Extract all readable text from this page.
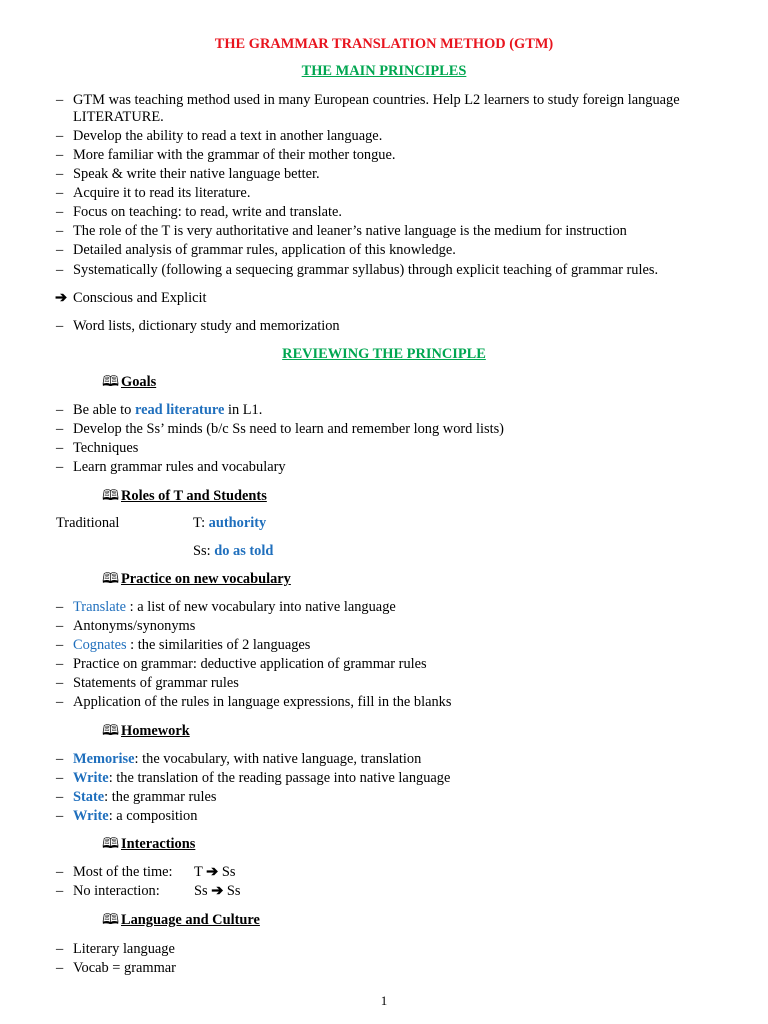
THE GRAMMAR TRANSLATION METHOD (GTM)
THE MAIN PRINCIPLES
– GTM was teaching method used in many European countries. Help L2 learners to study foreign language
LITERATURE.
– Develop the ability to read a text in another language.
– More familiar with the grammar of their mother tongue.
– Speak & write their native language better.
– Acquire it to read its literature.
– Focus on teaching: to read, write and translate.
– The role of the T is very authoritative and leaner’s native language is the medium for instruction
– Detailed analysis of grammar rules, application of this knowledge.
– Systematically (following a sequecing grammar syllabus) through explicit teaching of grammar rules.
➔ Conscious and Explicit
– Word lists, dictionary study and memorization
REVIEWING THE PRINCIPLE
🕮 Goals
– Be able to read literature in L1.
– Develop the Ss’ minds (b/c Ss need to learn and remember long word lists)
– Techniques
– Learn grammar rules and vocabulary
🕮 Roles of T and Students
Traditional	T: authority
Ss: do as told
🕮 Practice on new vocabulary
– Translate : a list of new vocabulary into native language
– Antonyms/synonyms
– Cognates : the similarities of 2 languages
– Practice on grammar: deductive application of grammar rules
– Statements of grammar rules
– Application of the rules in language expressions, fill in the blanks
🕮 Homework
– Memorise: the vocabulary, with native language, translation
– Write: the translation of the reading passage into native language
– State: the grammar rules
– Write: a composition
🕮 Interactions
– Most of the time: T ➔ Ss
– No interaction: Ss ➔ Ss
🕮 Language and Culture
– Literary language
– Vocab = grammar
1
